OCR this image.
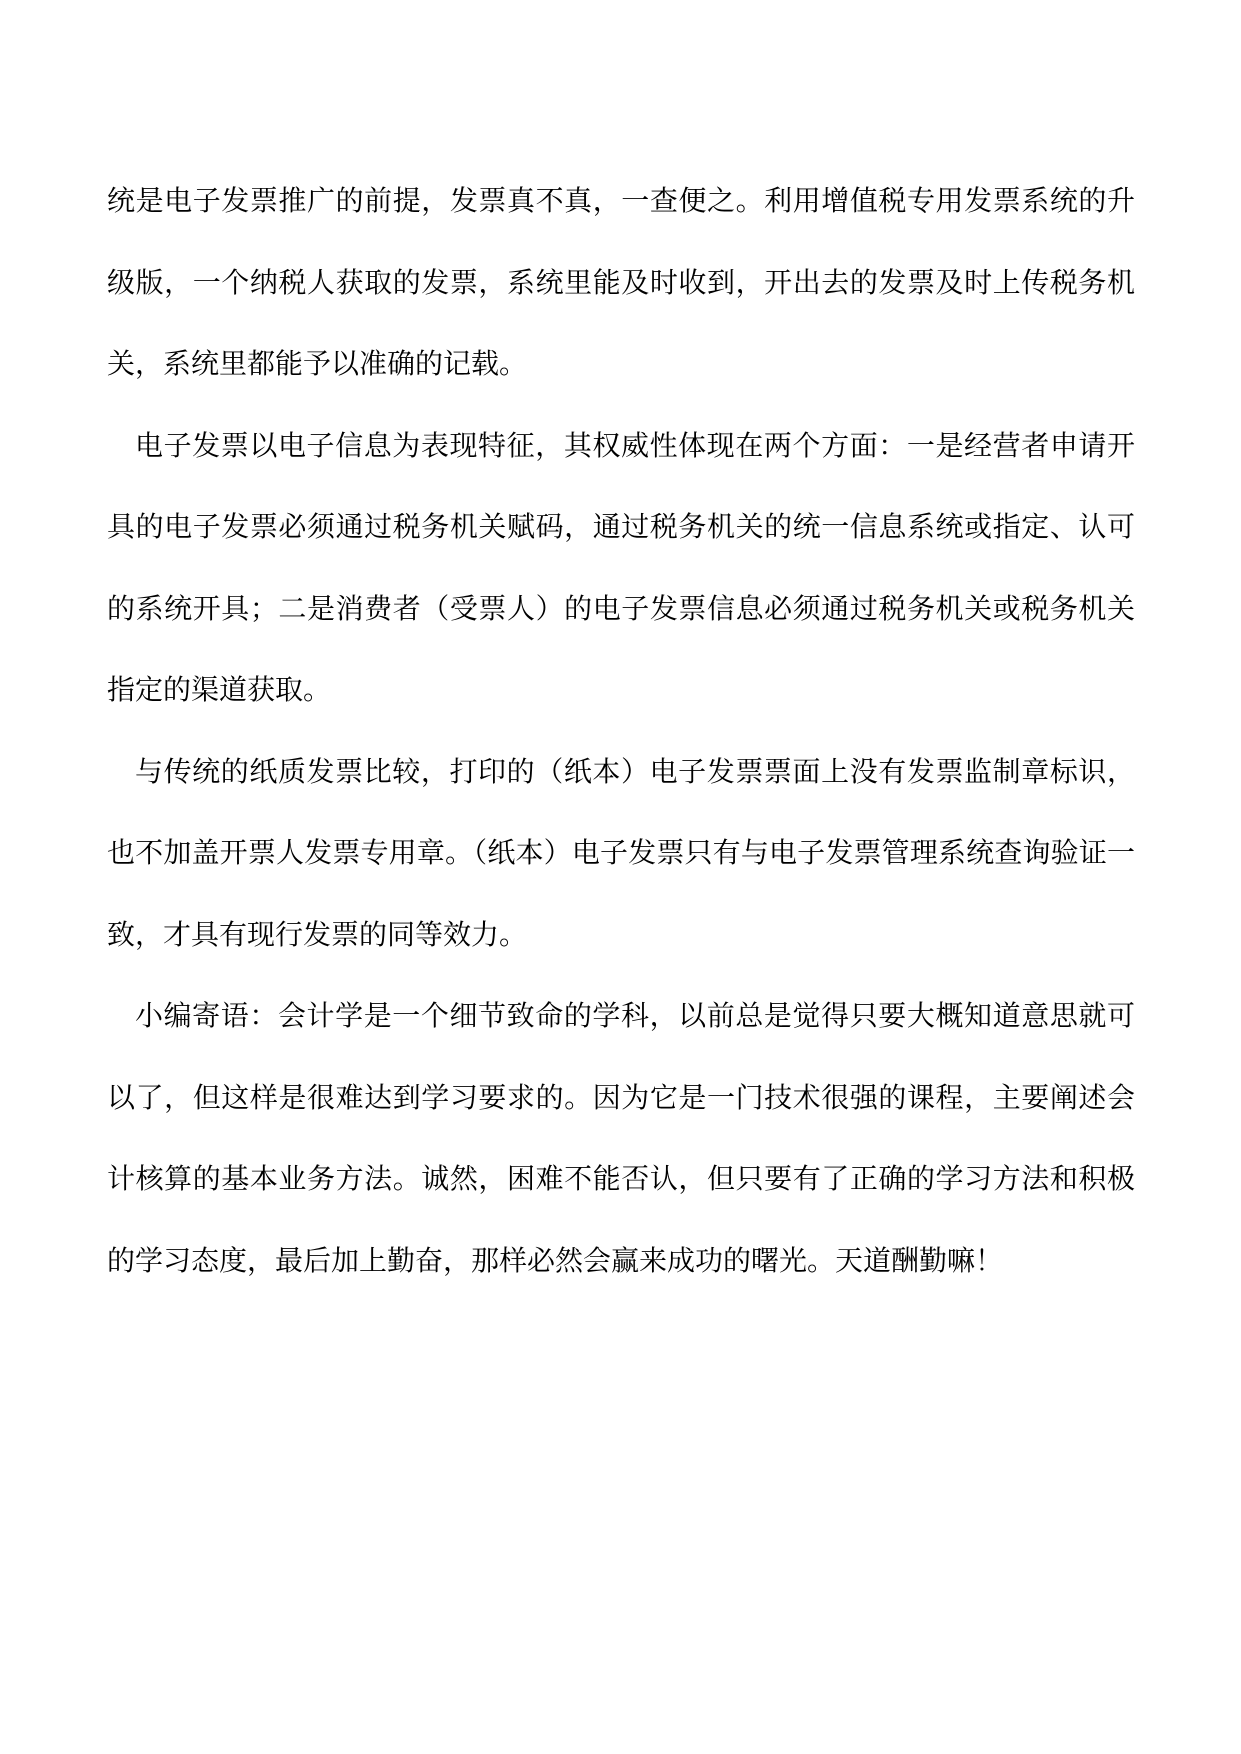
统是电子发票推广的前提，发票真不真，一查便之。利用增值税专用发票系统的升级版，一个纳税人获取的发票，系统里能及时收到，开出去的发票及时上传税务机关，系统里都能予以准确的记载。

电子发票以电子信息为表现特征，其权威性体现在两个方面：一是经营者申请开具的电子发票必须通过税务机关赋码，通过税务机关的统一信息系统或指定、认可的系统开具；二是消费者（受票人）的电子发票信息必须通过税务机关或税务机关指定的渠道获取。

与传统的纸质发票比较，打印的（纸本）电子发票票面上没有发票监制章标识，也不加盖开票人发票专用章。（纸本）电子发票只有与电子发票管理系统查询验证一致，才具有现行发票的同等效力。

小编寄语：会计学是一个细节致命的学科，以前总是觉得只要大概知道意思就可以了，但这样是很难达到学习要求的。因为它是一门技术很强的课程，主要阐述会计核算的基本业务方法。诚然，困难不能否认，但只要有了正确的学习方法和积极的学习态度，最后加上勤奋，那样必然会赢来成功的曙光。天道酬勤嘛！
